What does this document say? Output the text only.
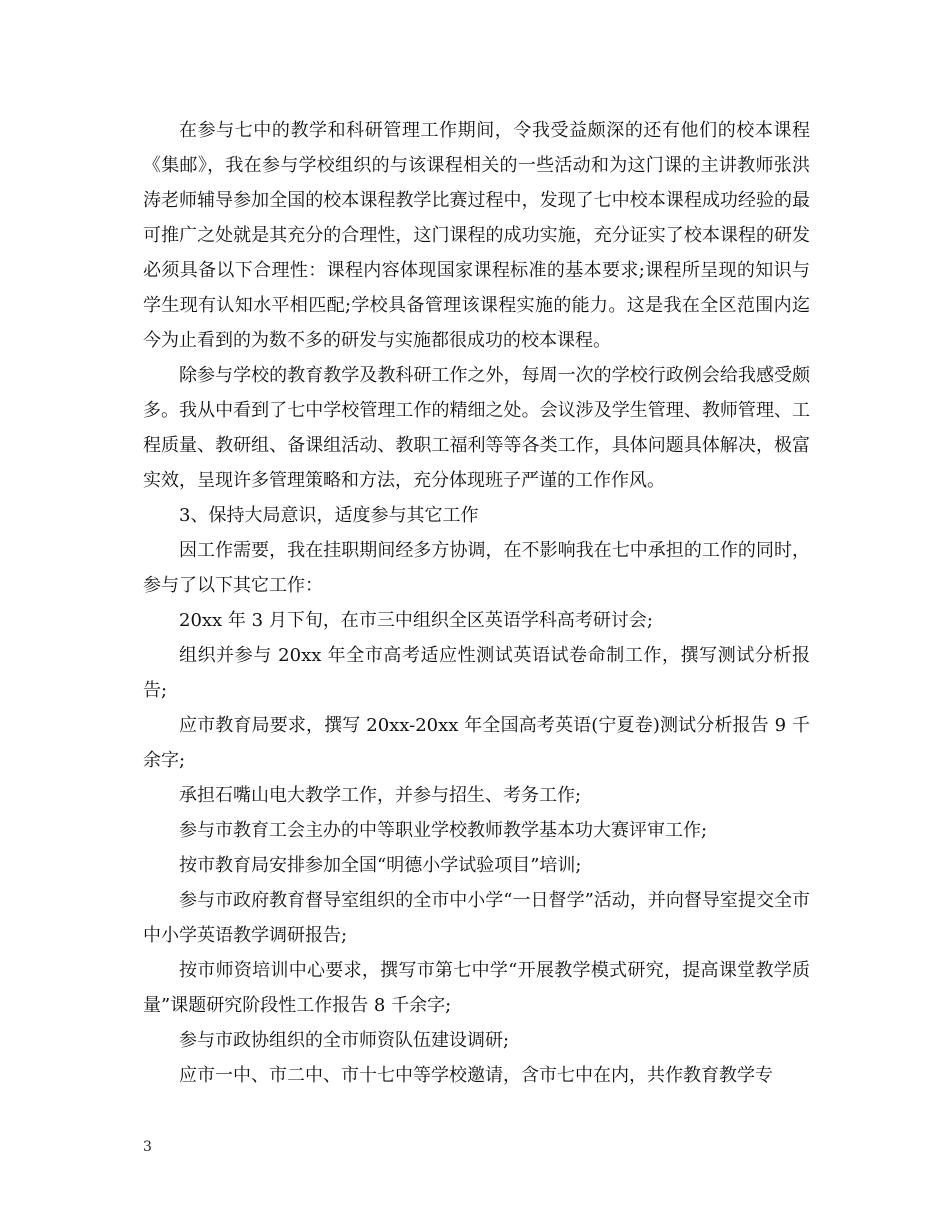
在参与七中的教学和科研管理工作期间，令我受益颇深的还有他们的校本课程《集邮》，我在参与学校组织的与该课程相关的一些活动和为这门课的主讲教师张洪涛老师辅导参加全国的校本课程教学比赛过程中，发现了七中校本课程成功经验的最可推广之处就是其充分的合理性，这门课程的成功实施，充分证实了校本课程的研发必须具备以下合理性：课程内容体现国家课程标准的基本要求;课程所呈现的知识与学生现有认知水平相匹配;学校具备管理该课程实施的能力。这是我在全区范围内迄今为止看到的为数不多的研发与实施都很成功的校本课程。

除参与学校的教育教学及教科研工作之外，每周一次的学校行政例会给我感受颇多。我从中看到了七中学校管理工作的精细之处。会议涉及学生管理、教师管理、工程质量、教研组、备课组活动、教职工福利等等各类工作，具体问题具体解决，极富实效，呈现许多管理策略和方法，充分体现班子严谨的工作作风。

3、保持大局意识，适度参与其它工作

因工作需要，我在挂职期间经多方协调，在不影响我在七中承担的工作的同时，参与了以下其它工作：

20xx 年 3 月下旬，在市三中组织全区英语学科高考研讨会;

组织并参与 20xx 年全市高考适应性测试英语试卷命制工作，撰写测试分析报告;

应市教育局要求，撰写 20xx-20xx 年全国高考英语(宁夏卷)测试分析报告 9 千余字;

承担石嘴山电大教学工作，并参与招生、考务工作;

参与市教育工会主办的中等职业学校教师教学基本功大赛评审工作;

按市教育局安排参加全国“明德小学试验项目”培训;

参与市政府教育督导室组织的全市中小学“一日督学”活动，并向督导室提交全市中小学英语教学调研报告;

按市师资培训中心要求，撰写市第七中学“开展教学模式研究，提高课堂教学质量”课题研究阶段性工作报告 8 千余字;

参与市政协组织的全市师资队伍建设调研;

应市一中、市二中、市十七中等学校邀请，含市七中在内，共作教育教学专

3
